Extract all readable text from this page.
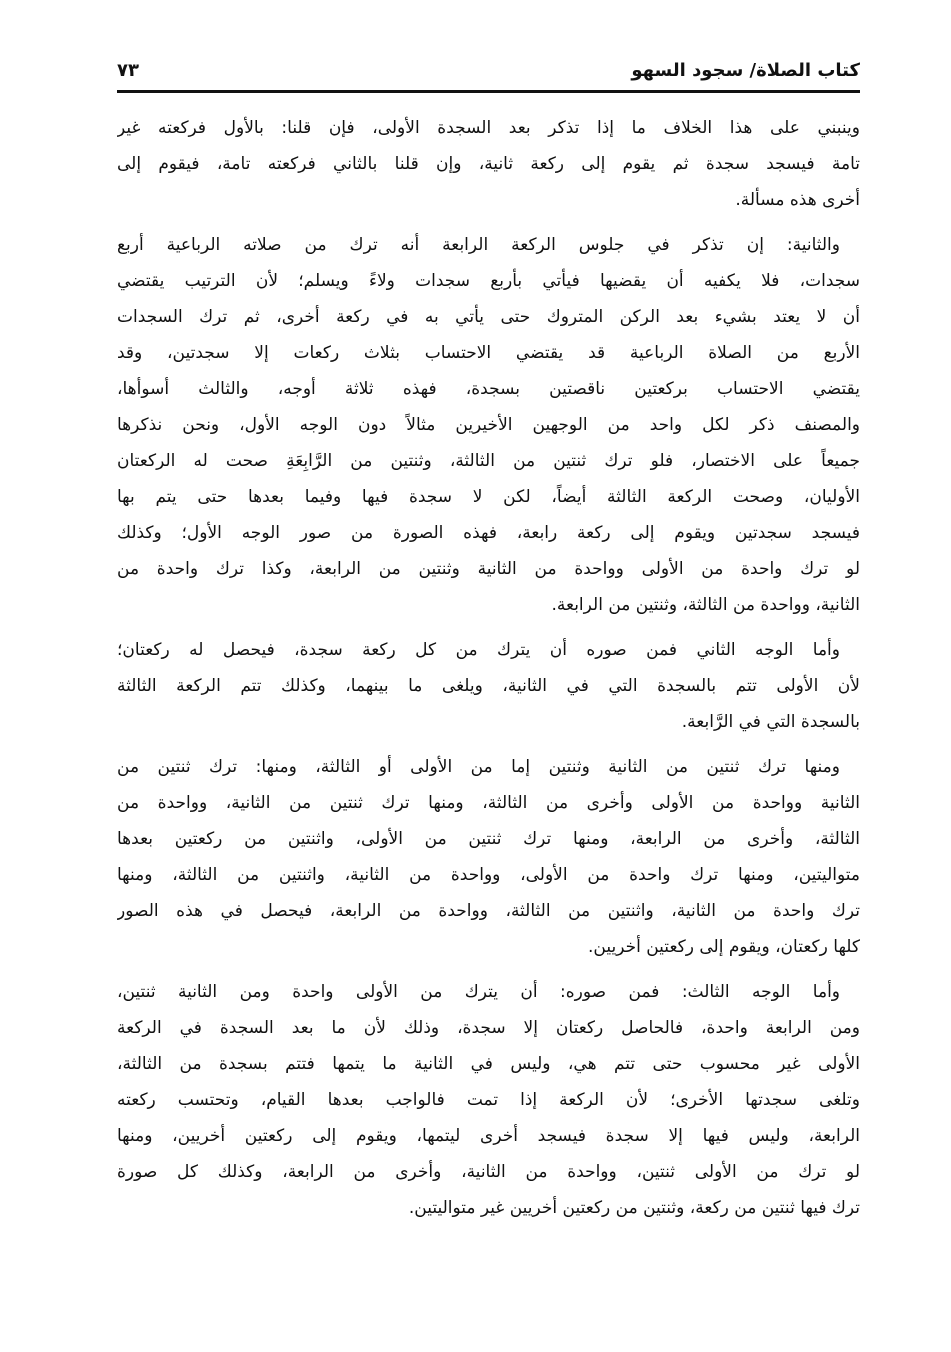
كتاب الصلاة/ سجود السهو
٧٣
وينبني على هذا الخلاف ما إذا تذكر بعد السجدة الأولى، فإن قلنا: بالأول فركعته غير
تامة فيسجد سجدة ثم يقوم إلى ركعة ثانية، وإن قلنا بالثاني فركعته تامة، فيقوم إلى
أخرى هذه مسألة.
والثانية: إن تذكر في جلوس الركعة الرابعة أنه ترك من صلاته الرباعية أربع
سجدات، فلا يكفيه أن يقضيها فيأتي بأربع سجدات ولاءً ويسلم؛ لأن الترتيب يقتضي
أن لا يعتد بشيء بعد الركن المتروك حتى يأتي به في ركعة أخرى، ثم ترك السجدات
الأربع من الصلاة الرباعية قد يقتضي الاحتساب بثلاث ركعات إلا سجدتين، وقد
يقتضي الاحتساب بركعتين ناقصتين بسجدة، فهذه ثلاثة أوجه، والثالث أسوأها،
والمصنف ذكر لكل واحد من الوجهين الأخيرين مثالاً دون الوجه الأول، ونحن نذكرها
جميعاً على الاختصار، فلو ترك ثنتين من الثالثة، وثنتين من الرَّابِعَةِ صحت له الركعتان
الأوليان، وصحت الركعة الثالثة أيضاً، لكن لا سجدة فيها وفيما بعدها حتى يتم بها
فيسجد سجدتين ويقوم إلى ركعة رابعة، فهذه الصورة من صور الوجه الأول؛ وكذلك
لو ترك واحدة من الأولى وواحدة من الثانية وثنتين من الرابعة، وكذا ترك واحدة من
الثانية، وواحدة من الثالثة، وثنتين من الرابعة.
وأما الوجه الثاني فمن صوره أن يترك من كل ركعة سجدة، فيحصل له ركعتان؛
لأن الأولى تتم بالسجدة التي في الثانية، ويلغى ما بينهما، وكذلك تتم الركعة الثالثة
بالسجدة التي في الرَّابعة.
ومنها ترك ثنتين من الثانية وثنتين إما من الأولى أو الثالثة، ومنها: ترك ثنتين من
الثانية وواحدة من الأولى وأخرى من الثالثة، ومنها ترك ثنتين من الثانية، وواحدة من
الثالثة، وأخرى من الرابعة، ومنها ترك ثنتين من الأولى، واثنتين من ركعتين بعدها
متواليتين، ومنها ترك واحدة من الأولى، وواحدة من الثانية، واثنتين من الثالثة، ومنها
ترك واحدة من الثانية، واثنتين من الثالثة، وواحدة من الرابعة، فيحصل في هذه الصور
كلها ركعتان، ويقوم إلى ركعتين أخريين.
وأما الوجه الثالث: فمن صوره: أن يترك من الأولى واحدة ومن الثانية ثنتين،
ومن الرابعة واحدة، فالحاصل ركعتان إلا سجدة، وذلك لأن ما بعد السجدة في الركعة
الأولى غير محسوب حتى تتم هي، وليس في الثانية ما يتمها فتتم بسجدة من الثالثة،
وتلغى سجدتها الأخرى؛ لأن الركعة إذا تمت فالواجب بعدها القيام، وتحتسب ركعته
الرابعة، وليس فيها إلا سجدة فيسجد أخرى ليتمها، ويقوم إلى ركعتين أخريين، ومنها
لو ترك من الأولى ثنتين، وواحدة من الثانية، وأخرى من الرابعة، وكذلك كل صورة
ترك فيها ثنتين من ركعة، وثنتين من ركعتين أخريين غير متواليتين.
